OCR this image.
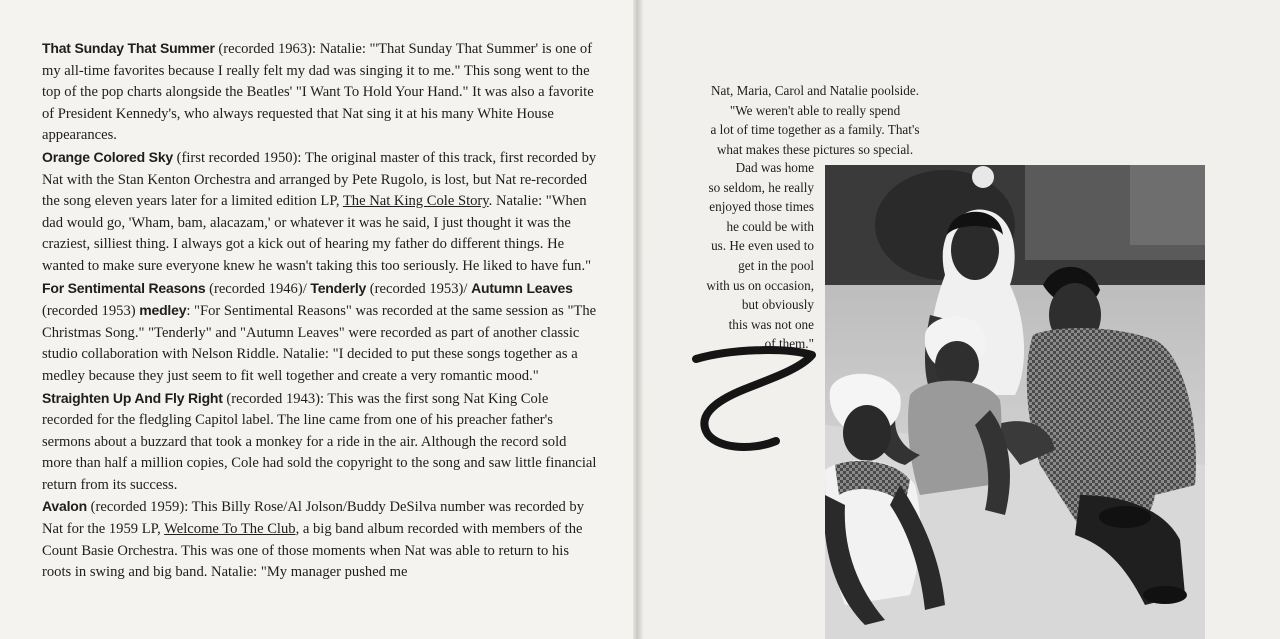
That Sunday That Summer (recorded 1963): Natalie: "'That Sunday That Summer' is one of my all-time favorites because I really felt my dad was singing it to me." This song went to the top of the pop charts alongside the Beatles' "I Want To Hold Your Hand." It was also a favorite of President Kennedy's, who always requested that Nat sing it at his many White House appearances.

Orange Colored Sky (first recorded 1950): The original master of this track, first recorded by Nat with the Stan Kenton Orchestra and arranged by Pete Rugolo, is lost, but Nat re-recorded the song eleven years later for a limited edition LP, The Nat King Cole Story. Natalie: "When dad would go, 'Wham, bam, alacazam,' or whatever it was he said, I just thought it was the craziest, silliest thing. I always got a kick out of hearing my father do different things. He wanted to make sure everyone knew he wasn't taking this too seriously. He liked to have fun."

For Sentimental Reasons (recorded 1946)/ Tenderly (recorded 1953)/ Autumn Leaves (recorded 1953) medley: "For Sentimental Reasons" was recorded at the same session as "The Christmas Song." "Tenderly" and "Autumn Leaves" were recorded as part of another classic studio collaboration with Nelson Riddle. Natalie: "I decided to put these songs together as a medley because they just seem to fit well together and create a very romantic mood."

Straighten Up And Fly Right (recorded 1943): This was the first song Nat King Cole recorded for the fledgling Capitol label. The line came from one of his preacher father's sermons about a buzzard that took a monkey for a ride in the air. Although the record sold more than half a million copies, Cole had sold the copyright to the song and saw little financial return from its success.

Avalon (recorded 1959): This Billy Rose/Al Jolson/Buddy DeSilva number was recorded by Nat for the 1959 LP, Welcome To The Club, a big band album recorded with members of the Count Basie Orchestra. This was one of those moments when Nat was able to return to his roots in swing and big band. Natalie: "My manager pushed me

Nat, Maria, Carol and Natalie poolside.
"We weren't able to really spend
a lot of time together as a family. That's
what makes these pictures so special.
Dad was home
so seldom, he really
enjoyed those times
he could be with
us. He even used to
get in the pool
with us on occasion,
but obviously
this was not one
of them."
